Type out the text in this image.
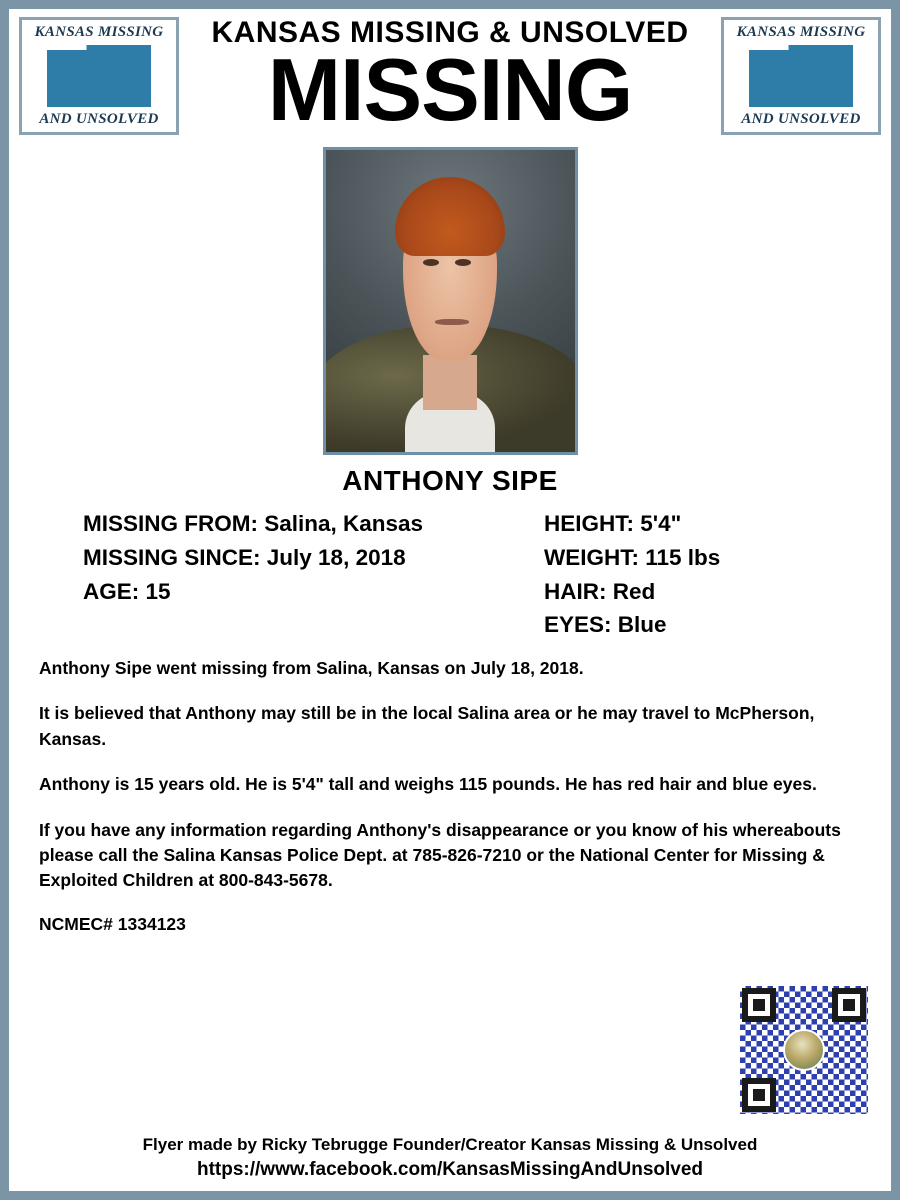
KANSAS MISSING
AND UNSOLVED
KANSAS MISSING & UNSOLVED
MISSING
KANSAS MISSING
AND UNSOLVED
ANTHONY SIPE
MISSING FROM: Salina, Kansas
MISSING SINCE: July 18, 2018
AGE: 15
HEIGHT: 5'4"
WEIGHT: 115 lbs
HAIR: Red
EYES: Blue

Anthony Sipe went missing from Salina, Kansas on July 18, 2018.

It is believed that Anthony may still be in the local Salina area or he may travel to McPherson, Kansas.

Anthony is 15 years old. He is 5'4" tall and weighs 115 pounds. He has red hair and blue eyes.

If you have any information regarding Anthony's disappearance or you know of his whereabouts please call the Salina Kansas Police Dept. at 785-826-7210 or the National Center for Missing & Exploited Children at 800-843-5678.

NCMEC# 1334123
Flyer made by Ricky Tebrugge Founder/Creator Kansas Missing & Unsolved
https://www.facebook.com/KansasMissingAndUnsolved
